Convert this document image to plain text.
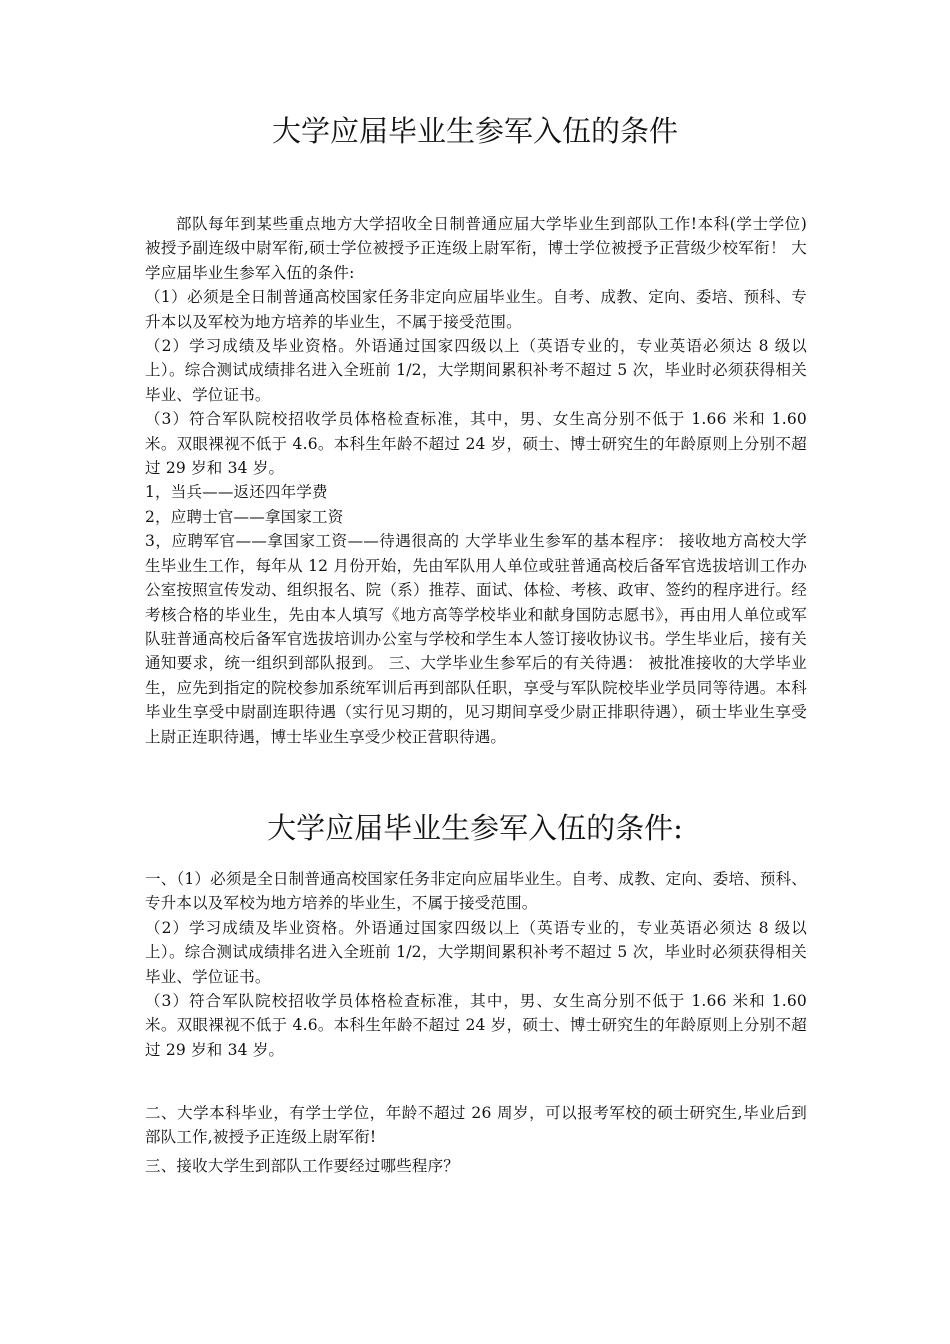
大学应届毕业生参军入伍的条件

部队每年到某些重点地方大学招收全日制普通应届大学毕业生到部队工作!本科(学士学位)被授予副连级中尉军衔,硕士学位被授予正连级上尉军衔，博士学位被授予正营级少校军衔！ 大学应届毕业生参军入伍的条件:

（1）必须是全日制普通高校国家任务非定向应届毕业生。自考、成教、定向、委培、预科、专升本以及军校为地方培养的毕业生，不属于接受范围。

（2）学习成绩及毕业资格。外语通过国家四级以上（英语专业的，专业英语必须达 8 级以上）。综合测试成绩排名进入全班前 1/2，大学期间累积补考不超过 5 次，毕业时必须获得相关毕业、学位证书。

（3）符合军队院校招收学员体格检查标准，其中，男、女生高分别不低于 1.66 米和 1.60 米。双眼裸视不低于 4.6。本科生年龄不超过 24 岁，硕士、博士研究生的年龄原则上分别不超过 29 岁和 34 岁。

1，当兵——返还四年学费

2，应聘士官——拿国家工资

3，应聘军官——拿国家工资——待遇很高的 大学毕业生参军的基本程序： 接收地方高校大学生毕业生工作，每年从 12 月份开始，先由军队用人单位或驻普通高校后备军官选拔培训工作办公室按照宣传发动、组织报名、院（系）推荐、面试、体检、考核、政审、签约的程序进行。经考核合格的毕业生，先由本人填写《地方高等学校毕业和献身国防志愿书》，再由用人单位或军队驻普通高校后备军官选拔培训办公室与学校和学生本人签订接收协议书。学生毕业后，接有关通知要求，统一组织到部队报到。 三、大学毕业生参军后的有关待遇： 被批准接收的大学毕业生，应先到指定的院校参加系统军训后再到部队任职，享受与军队院校毕业学员同等待遇。本科毕业生享受中尉副连职待遇（实行见习期的，见习期间享受少尉正排职待遇），硕士毕业生享受上尉正连职待遇，博士毕业生享受少校正营职待遇。

大学应届毕业生参军入伍的条件:

一、（1）必须是全日制普通高校国家任务非定向应届毕业生。自考、成教、定向、委培、预科、专升本以及军校为地方培养的毕业生，不属于接受范围。

（2）学习成绩及毕业资格。外语通过国家四级以上（英语专业的，专业英语必须达 8 级以上）。综合测试成绩排名进入全班前 1/2，大学期间累积补考不超过 5 次，毕业时必须获得相关毕业、学位证书。

（3）符合军队院校招收学员体格检查标准，其中，男、女生高分别不低于 1.66 米和 1.60 米。双眼裸视不低于 4.6。本科生年龄不超过 24 岁，硕士、博士研究生的年龄原则上分别不超过 29 岁和 34 岁。

二、大学本科毕业，有学士学位，年龄不超过 26 周岁，可以报考军校的硕士研究生,毕业后到部队工作,被授予正连级上尉军衔!

三、接收大学生到部队工作要经过哪些程序？
